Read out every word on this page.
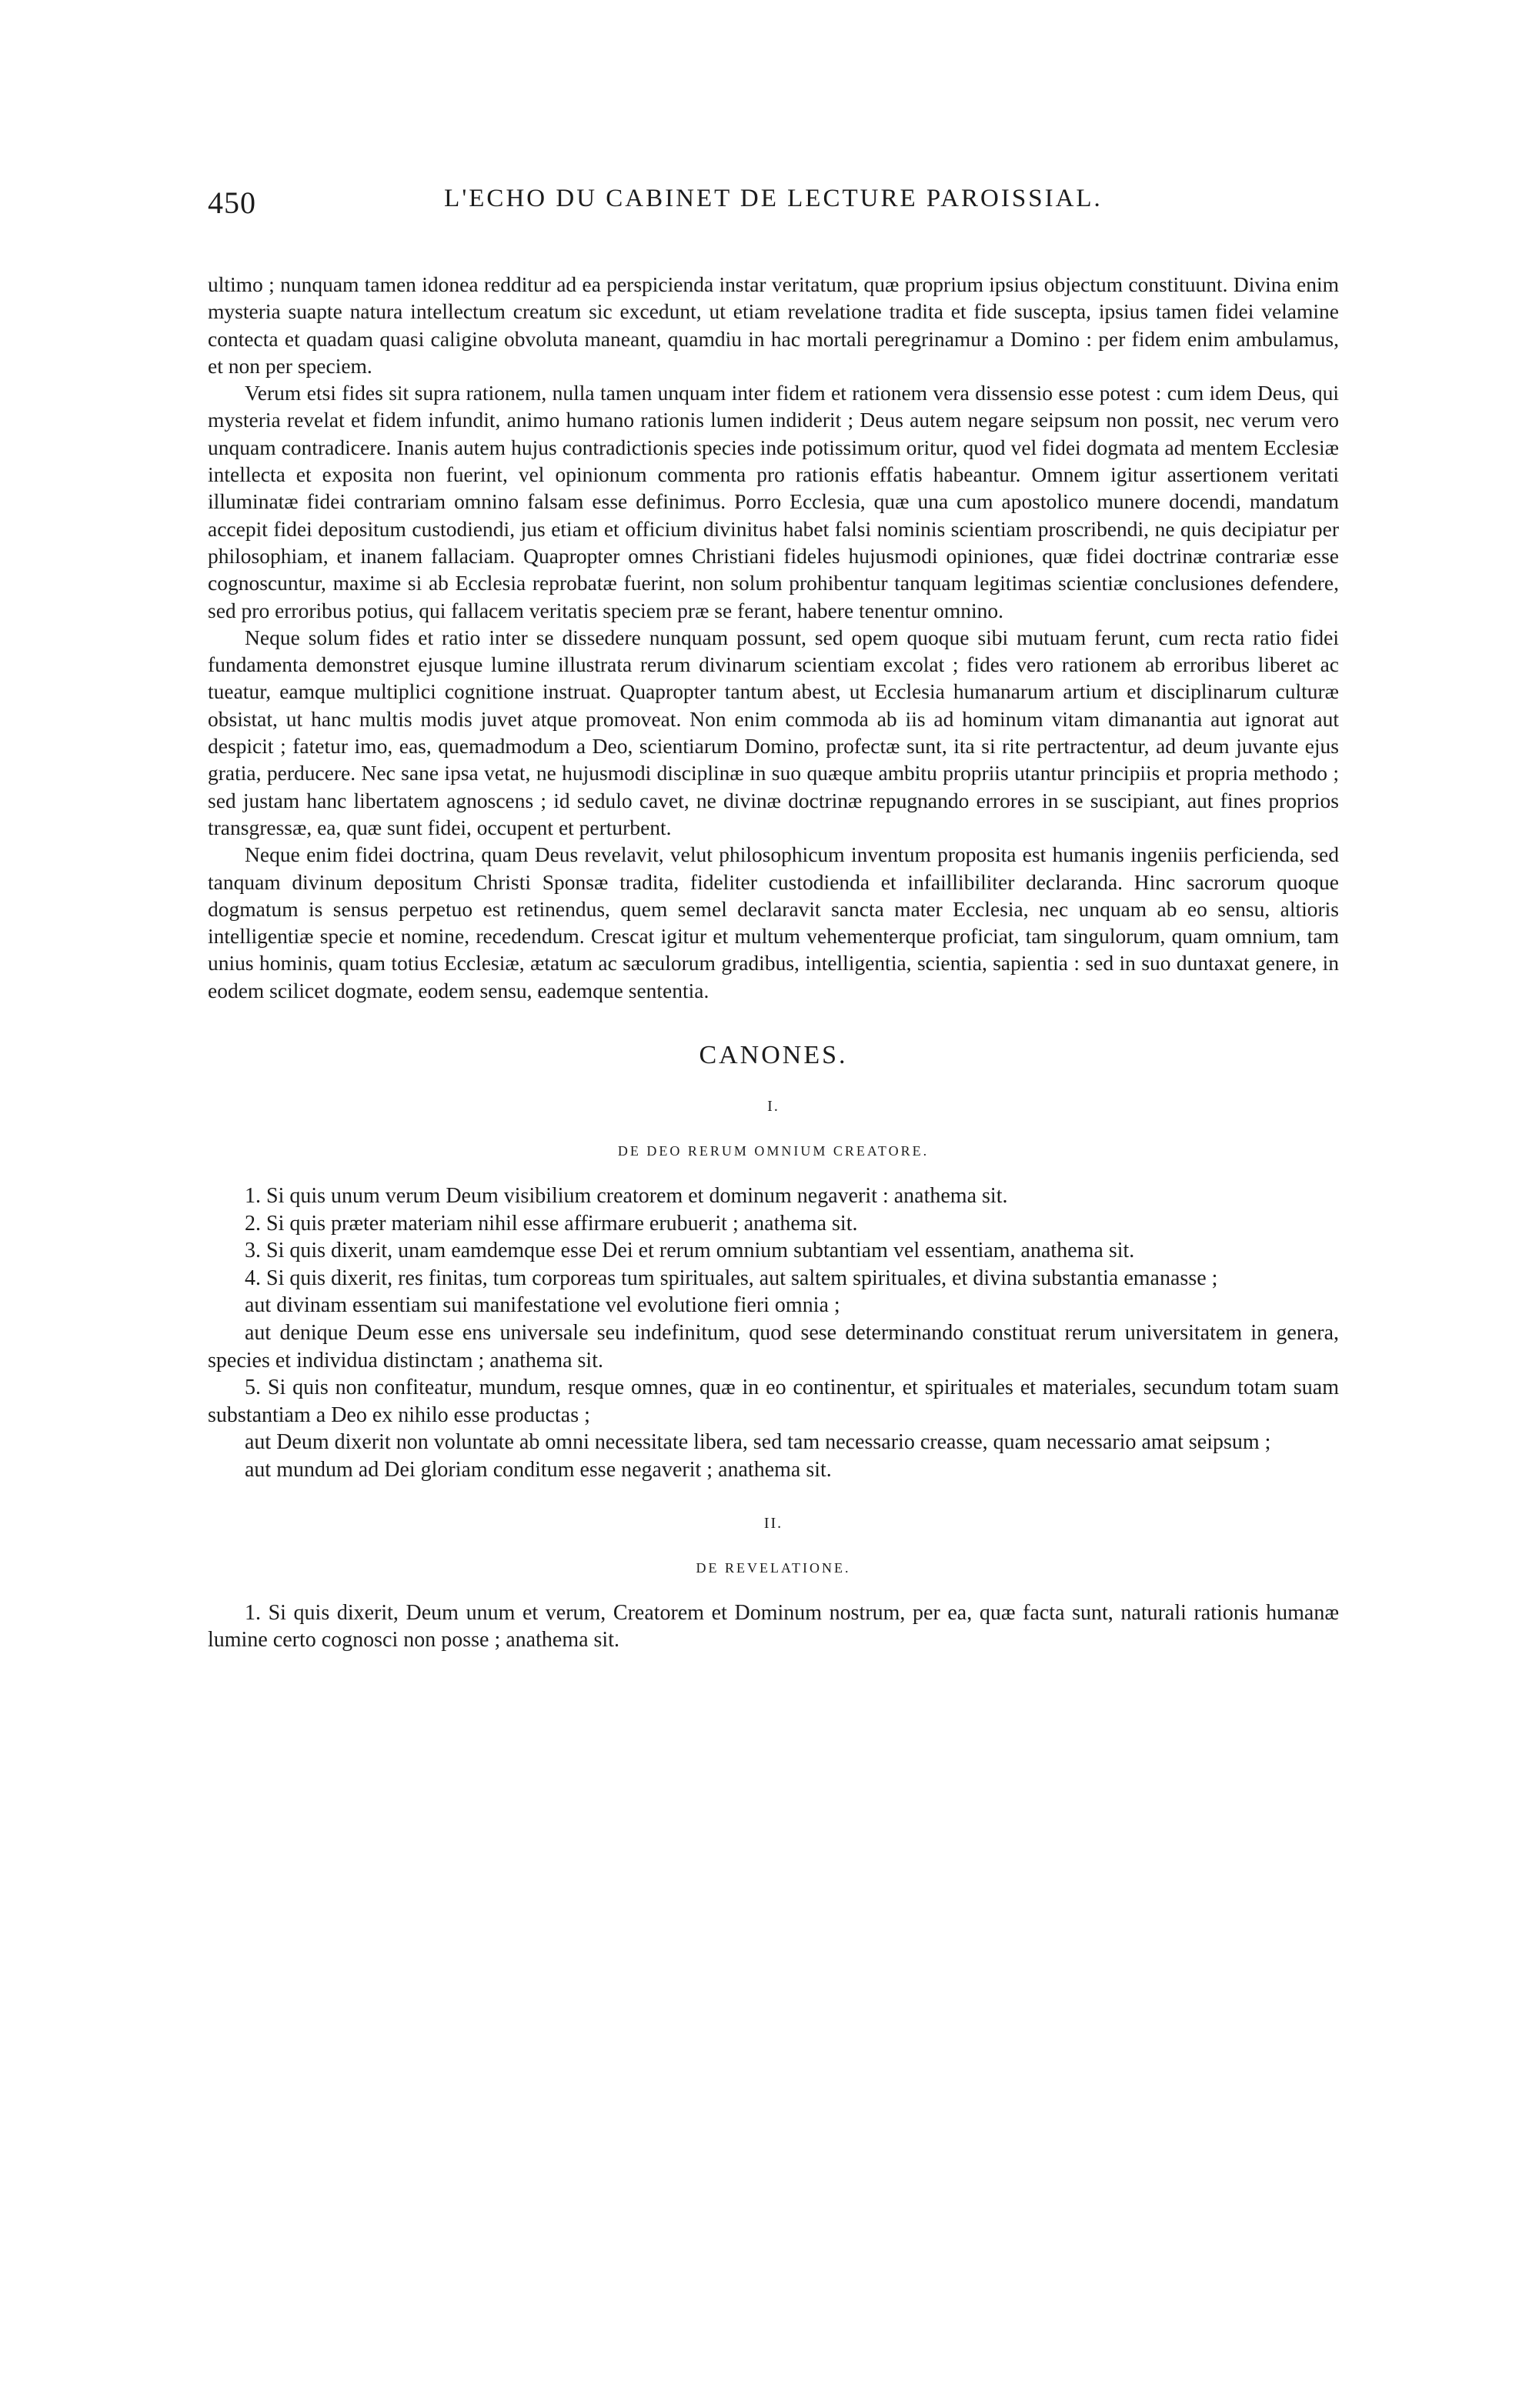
450	L'ECHO DU CABINET DE LECTURE PAROISSIAL.

ultimo ; nunquam tamen idonea redditur ad ea perspicienda instar veritatum, quæ proprium ipsius objectum constituunt. Divina enim mysteria suapte natura intellectum creatum sic excedunt, ut etiam revelatione tradita et fide suscepta, ipsius tamen fidei velamine contecta et quadam quasi caligine obvoluta maneant, quamdiu in hac mortali peregrinamur a Domino : per fidem enim ambulamus, et non per speciem.

Verum etsi fides sit supra rationem, nulla tamen unquam inter fidem et rationem vera dissensio esse potest : cum idem Deus, qui mysteria revelat et fidem infundit, animo humano rationis lumen indiderit ; Deus autem negare seipsum non possit, nec verum vero unquam contradicere. Inanis autem hujus contradictionis species inde potissimum oritur, quod vel fidei dogmata ad mentem Ecclesiæ intellecta et exposita non fuerint, vel opinionum commenta pro rationis effatis habeantur. Omnem igitur assertionem veritati illuminatæ fidei contrariam omnino falsam esse definimus. Porro Ecclesia, quæ una cum apostolico munere docendi, mandatum accepit fidei depositum custodiendi, jus etiam et officium divinitus habet falsi nominis scientiam proscribendi, ne quis decipiatur per philosophiam, et inanem fallaciam. Quapropter omnes Christiani fideles hujusmodi opiniones, quæ fidei doctrinæ contrariæ esse cognoscuntur, maxime si ab Ecclesia reprobatæ fuerint, non solum prohibentur tanquam legitimas scientiæ conclusiones defendere, sed pro erroribus potius, qui fallacem veritatis speciem præ se ferant, habere tenentur omnino.

Neque solum fides et ratio inter se dissedere nunquam possunt, sed opem quoque sibi mutuam ferunt, cum recta ratio fidei fundamenta demonstret ejusque lumine illustrata rerum divinarum scientiam excolat ; fides vero rationem ab erroribus liberet ac tueatur, eamque multiplici cognitione instruat. Quapropter tantum abest, ut Ecclesia humanarum artium et disciplinarum culturæ obsistat, ut hanc multis modis juvet atque promoveat. Non enim commoda ab iis ad hominum vitam dimanantia aut ignorat aut despicit ; fatetur imo, eas, quemadmodum a Deo, scientiarum Domino, profectæ sunt, ita si rite pertractentur, ad deum juvante ejus gratia, perducere. Nec sane ipsa vetat, ne hujusmodi disciplinæ in suo quæque ambitu propriis utantur principiis et propria methodo ; sed justam hanc libertatem agnoscens ; id sedulo cavet, ne divinæ doctrinæ repugnando errores in se suscipiant, aut fines proprios transgressæ, ea, quæ sunt fidei, occupent et perturbent.

Neque enim fidei doctrina, quam Deus revelavit, velut philosophicum inventum proposita est humanis ingeniis perficienda, sed tanquam divinum depositum Christi Sponsæ tradita, fideliter custodienda et infaillibiliter declaranda. Hinc sacrorum quoque dogmatum is sensus perpetuo est retinendus, quem semel declaravit sancta mater Ecclesia, nec unquam ab eo sensu, altioris intelligentiæ specie et nomine, recedendum. Crescat igitur et multum vehementerque proficiat, tam singulorum, quam omnium, tam unius hominis, quam totius Ecclesiæ, ætatum ac sæculorum gradibus, intelligentia, scientia, sapientia : sed in suo duntaxat genere, in eodem scilicet dogmate, eodem sensu, eademque sententia.

CANONES.
I.
DE DEO RERUM OMNIUM CREATORE.

1. Si quis unum verum Deum visibilium creatorem et dominum negaverit : anathema sit.

2. Si quis præter materiam nihil esse affirmare erubuerit ; anathema sit.

3. Si quis dixerit, unam eamdemque esse Dei et rerum omnium subtantiam vel essentiam, anathema sit.

4. Si quis dixerit, res finitas, tum corporeas tum spirituales, aut saltem spirituales, et divina substantia emanasse ;

aut divinam essentiam sui manifestatione vel evolutione fieri omnia ;

aut denique Deum esse ens universale seu indefinitum, quod sese determinando constituat rerum universitatem in genera, species et individua distinctam ; anathema sit.

5. Si quis non confiteatur, mundum, resque omnes, quæ in eo continentur, et spirituales et materiales, secundum totam suam substantiam a Deo ex nihilo esse productas ;

aut Deum dixerit non voluntate ab omni necessitate libera, sed tam necessario creasse, quam necessario amat seipsum ;

aut mundum ad Dei gloriam conditum esse negaverit ; anathema sit.

II.
DE REVELATIONE.

1. Si quis dixerit, Deum unum et verum, Creatorem et Dominum nostrum, per ea, quæ facta sunt, naturali rationis humanæ lumine certo cognosci non posse ; anathema sit.
